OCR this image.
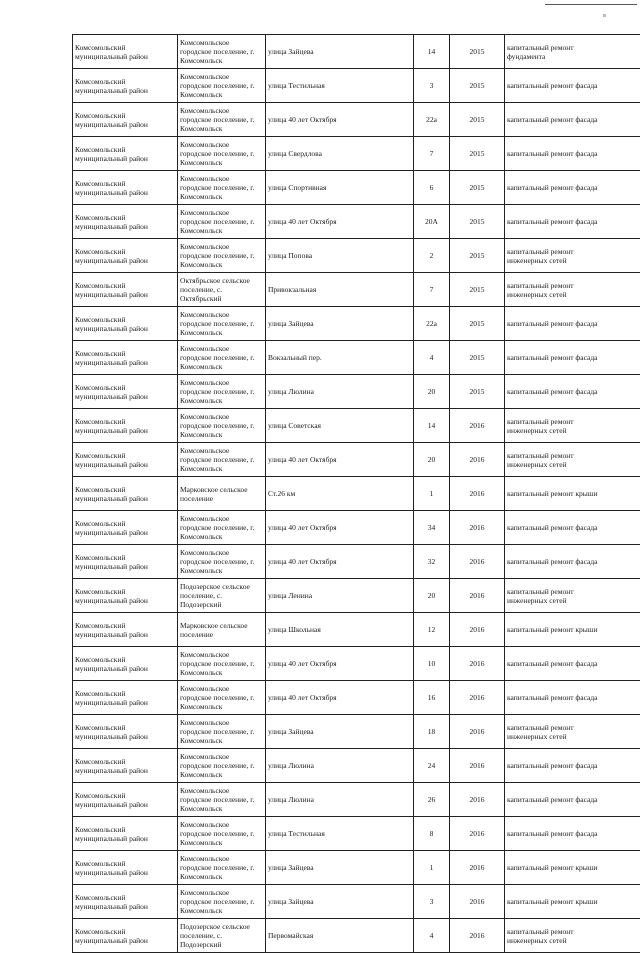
Комсомольский
муниципальный район	Комсомольское
городское поселение, г.
Комсомольск	улица Зайцева	14	2015	капитальный ремонт
фундамента

Комсомольский
муниципальный район	Комсомольское
городское поселение, г.
Комсомольск	улица Тестильная	3	2015	капитальный ремонт фасада

Комсомольский
муниципальный район	Комсомольское
городское поселение, г.
Комсомольск	улица 40 лет Октября	22а	2015	капитальный ремонт фасада

Комсомольский
муниципальный район	Комсомольское
городское поселение, г.
Комсомольск	улица Свердлова	7	2015	капитальный ремонт фасада

Комсомольский
муниципальный район	Комсомольское
городское поселение, г.
Комсомольск	улица Спортивная	6	2015	капитальный ремонт фасада

Комсомольский
муниципальный район	Комсомольское
городское поселение, г.
Комсомольск	улица 40 лет Октября	20А	2015	капитальный ремонт фасада

Комсомольский
муниципальный район	Комсомольское
городское поселение, г.
Комсомольск	улица Попова	2	2015	капитальный ремонт
инженерных сетей

Комсомольский
муниципальный район	Октябрьское сельское
поселение, с.
Октябрьский	Привокзальная	7	2015	капитальный ремонт
инженерных сетей

Комсомольский
муниципальный район	Комсомольское
городское поселение, г.
Комсомольск	улица Зайцева	22а	2015	капитальный ремонт фасада

Комсомольский
муниципальный район	Комсомольское
городское поселение, г.
Комсомольск	Вокзальный пер.	4	2015	капитальный ремонт фасада

Комсомольский
муниципальный район	Комсомольское
городское поселение, г.
Комсомольск	улица Люлина	20	2015	капитальный ремонт фасада

Комсомольский
муниципальный район	Комсомольское
городское поселение, г.
Комсомольск	улица Советская	14	2016	капитальный ремонт
инженерных сетей

Комсомольский
муниципальный район	Комсомольское
городское поселение, г.
Комсомольск	улица 40 лет Октября	20	2016	капитальный ремонт
инженерных сетей

Комсомольский
муниципальный район	Марковское сельское
поселение	Ст.26 км	1	2016	капитальный ремонт крыши

Комсомольский
муниципальный район	Комсомольское
городское поселение, г.
Комсомольск	улица 40 лет Октября	34	2016	капитальный ремонт фасада

Комсомольский
муниципальный район	Комсомольское
городское поселение, г.
Комсомольск	улица 40 лет Октября	32	2016	капитальный ремонт фасада

Комсомольский
муниципальный район	Подозерское сельское
поселение, с.
Подозерский	улица Ленина	20	2016	капитальный ремонт
инженерных сетей

Комсомольский
муниципальный район	Марковское сельское
поселение	улица Школьная	12	2016	капитальный ремонт крыши

Комсомольский
муниципальный район	Комсомольское
городское поселение, г.
Комсомольск	улица 40 лет Октября	10	2016	капитальный ремонт фасада

Комсомольский
муниципальный район	Комсомольское
городское поселение, г.
Комсомольск	улица 40 лет Октября	16	2016	капитальный ремонт фасада

Комсомольский
муниципальный район	Комсомольское
городское поселение, г.
Комсомольск	улица Зайцева	18	2016	капитальный ремонт
инженерных сетей

Комсомольский
муниципальный район	Комсомольское
городское поселение, г.
Комсомольск	улица Люлина	24	2016	капитальный ремонт фасада

Комсомольский
муниципальный район	Комсомольское
городское поселение, г.
Комсомольск	улица Люлина	26	2016	капитальный ремонт фасада

Комсомольский
муниципальный район	Комсомольское
городское поселение, г.
Комсомольск	улица Тестильная	8	2016	капитальный ремонт фасада

Комсомольский
муниципальный район	Комсомольское
городское поселение, г.
Комсомольск	улица Зайцева	1	2016	капитальный ремонт крыши

Комсомольский
муниципальный район	Комсомольское
городское поселение, г.
Комсомольск	улица Зайцева	3	2016	капитальный ремонт крыши

Комсомольский
муниципальный район	Подозерское сельское
поселение, с.
Подозерский	Первомайская	4	2016	капитальный ремонт
инженерных сетей
